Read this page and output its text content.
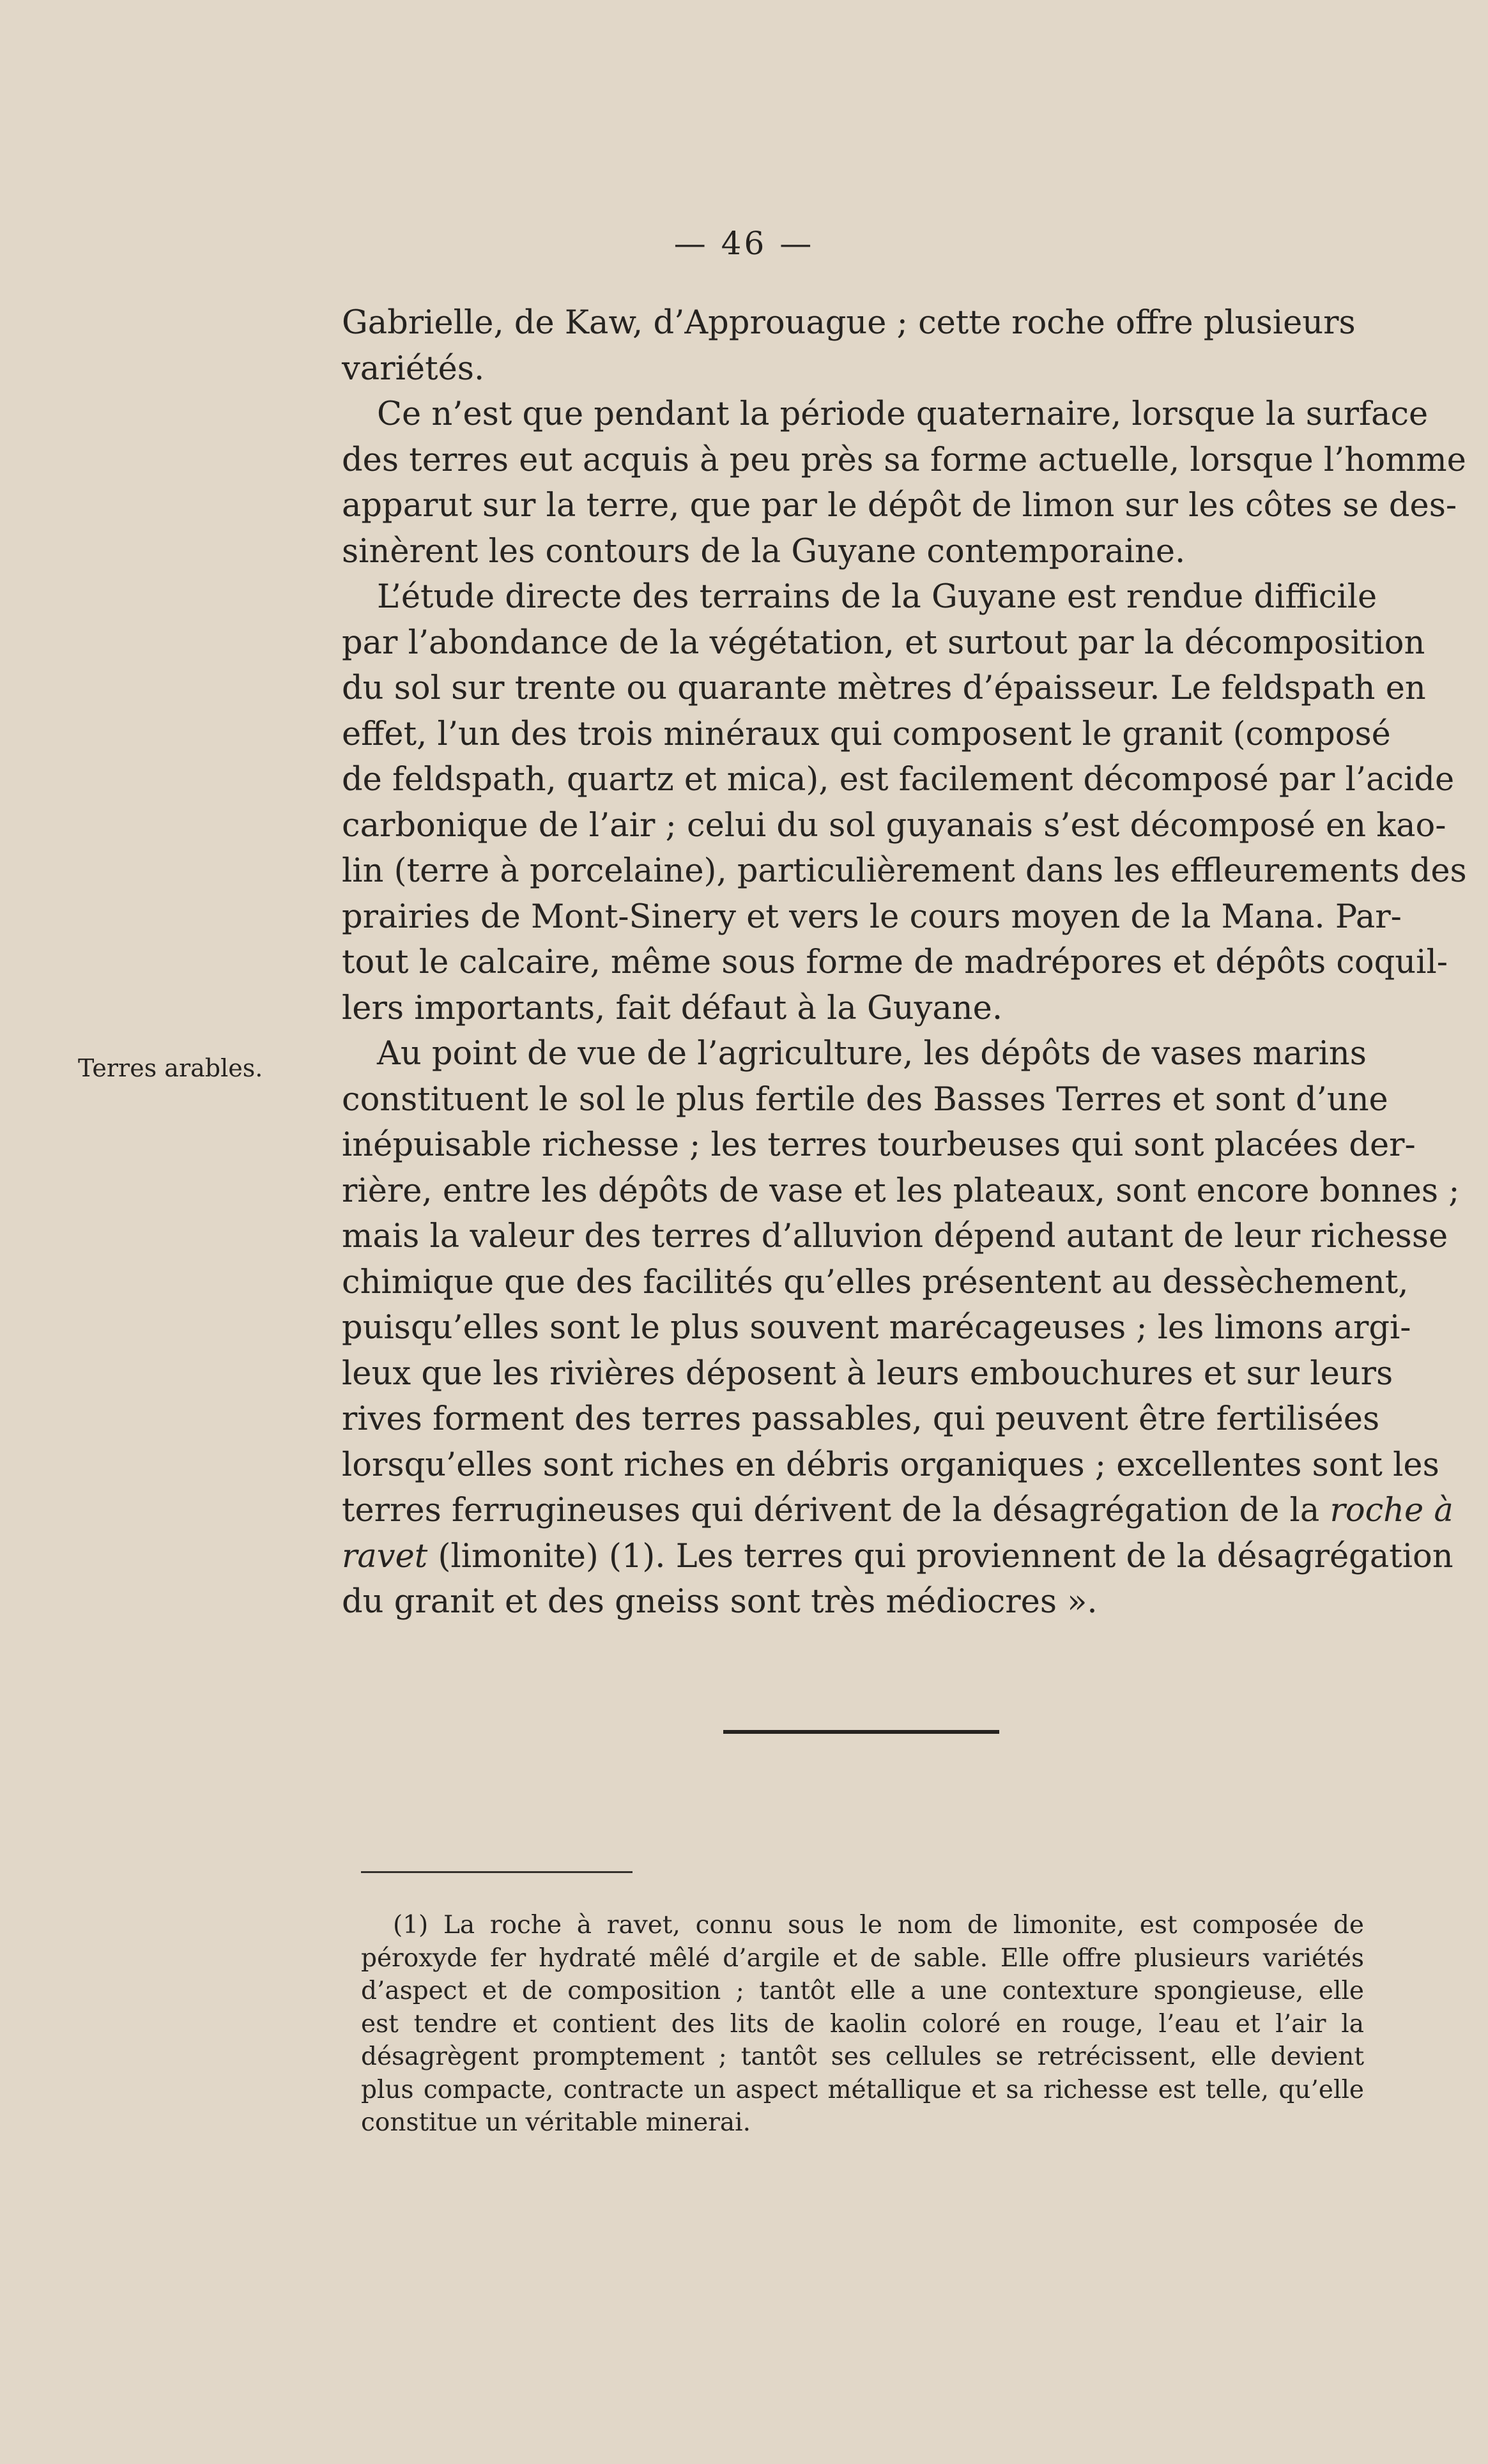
— 46 —
Terres arables.
Gabrielle, de Kaw, d’Approuague ; cette roche offre plusieurs
variétés.
Ce n’est que pendant la période quaternaire, lorsque la surface
des terres eut acquis à peu près sa forme actuelle, lorsque l’homme
apparut sur la terre, que par le dépôt de limon sur les côtes se des-
sinèrent les contours de la Guyane contemporaine.
L’étude directe des terrains de la Guyane est rendue difficile
par l’abondance de la végétation, et surtout par la décomposition
du sol sur trente ou quarante mètres d’épaisseur. Le feldspath en
effet, l’un des trois minéraux qui composent le granit (composé
de feldspath, quartz et mica), est facilement décomposé par l’acide
carbonique de l’air ; celui du sol guyanais s’est décomposé en kao-
lin (terre à porcelaine), particulièrement dans les effleurements des
prairies de Mont-Sinery et vers le cours moyen de la Mana. Par-
tout le calcaire, même sous forme de madrépores et dépôts coquil-
lers importants, fait défaut à la Guyane.
Au point de vue de l’agriculture, les dépôts de vases marins
constituent le sol le plus fertile des Basses Terres et sont d’une
inépuisable richesse ; les terres tourbeuses qui sont placées der-
rière, entre les dépôts de vase et les plateaux, sont encore bonnes ;
mais la valeur des terres d’alluvion dépend autant de leur richesse
chimique que des facilités qu’elles présentent au dessèchement,
puisqu’elles sont le plus souvent marécageuses ; les limons argi-
leux que les rivières déposent à leurs embouchures et sur leurs
rives forment des terres passables, qui peuvent être fertilisées
lorsqu’elles sont riches en débris organiques ; excellentes sont les
terres ferrugineuses qui dérivent de la désagrégation de la roche à
ravet (limonite) (1). Les terres qui proviennent de la désagrégation
du granit et des gneiss sont très médiocres ».
(1) La roche à ravet, connu sous le nom de limonite, est composée de
péroxyde fer hydraté mêlé d’argile et de sable. Elle offre plusieurs variétés
d’aspect et de composition ; tantôt elle a une contexture spongieuse, elle
est tendre et contient des lits de kaolin coloré en rouge, l’eau et l’air la
désagrègent promptement ; tantôt ses cellules se retrécissent, elle devient
plus compacte, contracte un aspect métallique et sa richesse est telle, qu’elle
constitue un véritable minerai.
